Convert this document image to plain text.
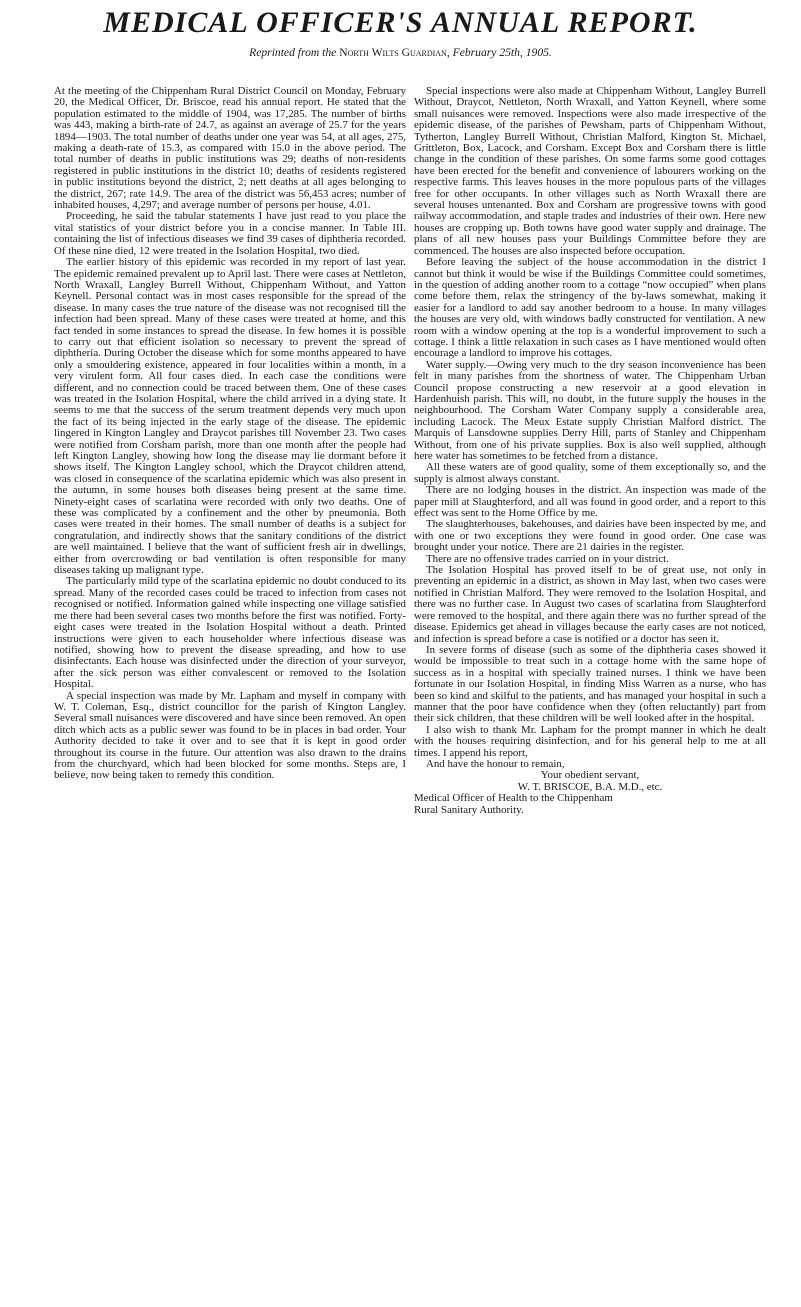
MEDICAL OFFICER'S ANNUAL REPORT.
Reprinted from the North Wilts Guardian, February 25th, 1905.

At the meeting of the Chippenham Rural District Council on Monday, February 20, the Medical Officer, Dr. Briscoe, read his annual report. He stated that the population estimated to the middle of 1904, was 17,285. The number of births was 443, making a birth-rate of 24.7, as against an average of 25.7 for the years 1894—1903. The total number of deaths under one year was 54, at all ages, 275, making a death-rate of 15.3, as compared with 15.0 in the above period. The total number of deaths in public institutions was 29; deaths of non-residents registered in public institutions in the district 10; deaths of residents registered in public institutions beyond the district, 2; nett deaths at all ages belonging to the district, 267; rate 14.9. The area of the district was 56,453 acres; number of inhabited houses, 4,297; and average number of persons per house, 4.01.

Proceeding, he said the tabular statements I have just read to you place the vital statistics of your district before you in a concise manner. In Table III. containing the list of infectious diseases we find 39 cases of diphtheria recorded. Of these nine died, 12 were treated in the Isolation Hospital, two died.

The earlier history of this epidemic was recorded in my report of last year. The epidemic remained prevalent up to April last. There were cases at Nettleton, North Wraxall, Langley Burrell Without, Chippenham Without, and Yatton Keynell. Personal contact was in most cases responsible for the spread of the disease. In many cases the true nature of the disease was not recognised till the infection had been spread. Many of these cases were treated at home, and this fact tended in some instances to spread the disease. In few homes it is possible to carry out that efficient isolation so necessary to prevent the spread of diphtheria. During October the disease which for some months appeared to have only a smouldering existence, appeared in four localities within a month, in a very virulent form. All four cases died. In each case the conditions were different, and no connection could be traced between them. One of these cases was treated in the Isolation Hospital, where the child arrived in a dying state. It seems to me that the success of the serum treatment depends very much upon the fact of its being injected in the early stage of the disease. The epidemic lingered in Kington Langley and Draycot parishes till November 23. Two cases were notified from Corsham parish, more than one month after the people had left Kington Langley, showing how long the disease may lie dormant before it shows itself. The Kington Langley school, which the Draycot children attend, was closed in consequence of the scarlatina epidemic which was also present in the autumn, in some houses both diseases being present at the same time. Ninety-eight cases of scarlatina were recorded with only two deaths. One of these was complicated by a confinement and the other by pneumonia. Both cases were treated in their homes. The small number of deaths is a subject for congratulation, and indirectly shows that the sanitary conditions of the district are well maintained. I believe that the want of sufficient fresh air in dwellings, either from overcrowding or bad ventilation is often responsible for many diseases taking up malignant type.

The particularly mild type of the scarlatina epidemic no doubt conduced to its spread. Many of the recorded cases could be traced to infection from cases not recognised or notified. Information gained while inspecting one village satisfied me there had been several cases two months before the first was notified. Forty-eight cases were treated in the Isolation Hospital without a death. Printed instructions were given to each householder where infectious disease was notified, showing how to prevent the disease spreading, and how to use disinfectants. Each house was disinfected under the direction of your surveyor, after the sick person was either convalescent or removed to the Isolation Hospital.

A special inspection was made by Mr. Lapham and myself in company with W. T. Coleman, Esq., district councillor for the parish of Kington Langley. Several small nuisances were discovered and have since been removed. An open ditch which acts as a public sewer was found to be in places in bad order. Your Authority decided to take it over and to see that it is kept in good order throughout its course in the future. Our attention was also drawn to the drains from the churchyard, which had been blocked for some months. Steps are, I believe, now being taken to remedy this condition.

Special inspections were also made at Chippenham Without, Langley Burrell Without, Draycot, Nettleton, North Wraxall, and Yatton Keynell, where some small nuisances were removed. Inspections were also made irrespective of the epidemic disease, of the parishes of Pewsham, parts of Chippenham Without, Tytherton, Langley Burrell Without, Christian Malford, Kington St. Michael, Grittleton, Box, Lacock, and Corsham. Except Box and Corsham there is little change in the condition of these parishes. On some farms some good cottages have been erected for the benefit and convenience of labourers working on the respective farms. This leaves houses in the more populous parts of the villages free for other occupants. In other villages such as North Wraxall there are several houses untenanted. Box and Corsham are progressive towns with good railway accommodation, and staple trades and industries of their own. Here new houses are cropping up. Both towns have good water supply and drainage. The plans of all new houses pass your Buildings Committee before they are commenced. The houses are also inspected before occupation.

Before leaving the subject of the house accommodation in the district I cannot but think it would be wise if the Buildings Committee could sometimes, in the question of adding another room to a cottage “now occupied” when plans come before them, relax the stringency of the by-laws somewhat, making it easier for a landlord to add say another bedroom to a house. In many villages the houses are very old, with windows badly constructed for ventilation. A new room with a window opening at the top is a wonderful improvement to such a cottage. I think a little relaxation in such cases as I have mentioned would often encourage a landlord to improve his cottages.

Water supply.—Owing very much to the dry season inconvenience has been felt in many parishes from the shortness of water. The Chippenham Urban Council propose constructing a new reservoir at a good elevation in Hardenhuish parish. This will, no doubt, in the future supply the houses in the neighbourhood. The Corsham Water Company supply a considerable area, including Lacock. The Meux Estate supply Christian Malford district. The Marquis of Lansdowne supplies Derry Hill, parts of Stanley and Chippenham Without, from one of his private supplies. Box is also well supplied, although here water has sometimes to be fetched from a distance.

All these waters are of good quality, some of them exceptionally so, and the supply is almost always constant.

There are no lodging houses in the district. An inspection was made of the paper mill at Slaughterford, and all was found in good order, and a report to this effect was sent to the Home Office by me.

The slaughterhouses, bakehouses, and dairies have been inspected by me, and with one or two exceptions they were found in good order. One case was brought under your notice. There are 21 dairies in the register.

There are no offensive trades carried on in your district.

The Isolation Hospital has proved itself to be of great use, not only in preventing an epidemic in a district, as shown in May last, when two cases were notified in Christian Malford. They were removed to the Isolation Hospital, and there was no further case. In August two cases of scarlatina from Slaughterford were removed to the hospital, and there again there was no further spread of the disease. Epidemics get ahead in villages because the early cases are not noticed, and infection is spread before a case is notified or a doctor has seen it.

In severe forms of disease (such as some of the diphtheria cases showed it would be impossible to treat such in a cottage home with the same hope of success as in a hospital with specially trained nurses. I think we have been fortunate in our Isolation Hospital, in finding Miss Warren as a nurse, who has been so kind and skilful to the patients, and has managed your hospital in such a manner that the poor have confidence when they (often reluctantly) part from their sick children, that these children will be well looked after in the hospital.

I also wish to thank Mr. Lapham for the prompt manner in which he dealt with the houses requiring disinfection, and for his general help to me at all times. I append his report,

And have the honour to remain,

Your obedient servant,

W. T. BRISCOE, B.A. M.D., etc.

Medical Officer of Health to the Chippenham

Rural Sanitary Authority.
